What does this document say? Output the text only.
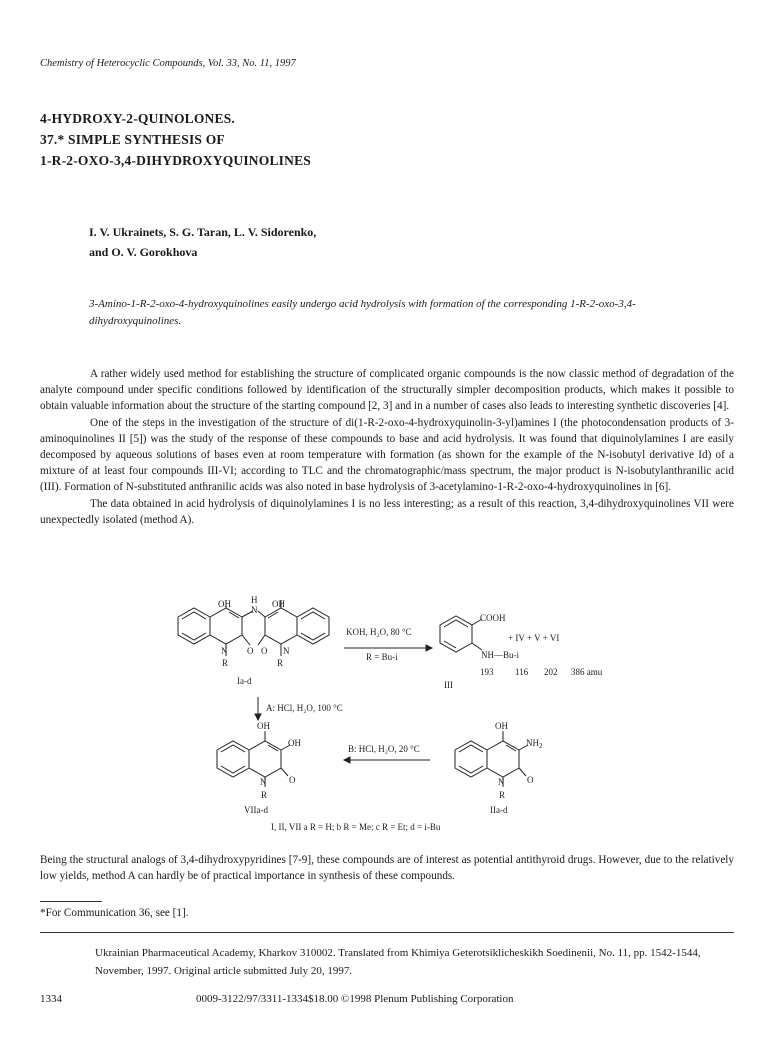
Chemistry of Heterocyclic Compounds, Vol. 33, No. 11, 1997
4-HYDROXY-2-QUINOLONES.
37.* SIMPLE SYNTHESIS OF
1-R-2-OXO-3,4-DIHYDROXYQUINOLINES
I. V. Ukrainets, S. G. Taran, L. V. Sidorenko,
and O. V. Gorokhova
3-Amino-1-R-2-oxo-4-hydroxyquinolines easily undergo acid hydrolysis with formation of the corresponding 1-R-2-oxo-3,4-dihydroxyquinolines.

A rather widely used method for establishing the structure of complicated organic compounds is the now classic method of degradation of the analyte compound under specific conditions followed by identification of the structurally simpler decomposition products, which makes it possible to obtain valuable information about the structure of the starting compound [2, 3] and in a number of cases also leads to interesting synthetic discoveries [4].

One of the steps in the investigation of the structure of di(1-R-2-oxo-4-hydroxyquinolin-3-yl)amines I (the photocondensation products of 3-aminoquinolines II [5]) was the study of the response of these compounds to base and acid hydrolysis. It was found that diquinolylamines I are easily decomposed by aqueous solutions of bases even at room temperature with formation (as shown for the example of the N-isobutyl derivative Id) of a mixture of at least four compounds III-VI; according to TLC and the chromatographic/mass spectrum, the major product is N-isobutylanthranilic acid (III). Formation of N-substituted anthranilic acids was also noted in base hydrolysis of 3-acetylamino-1-R-2-oxo-4-hydroxyquinolines in [6].

The data obtained in acid hydrolysis of diquinolylamines I is no less interesting; as a result of this reaction, 3,4-dihydroxyquinolines VII were unexpectedly isolated (method A).

OH	OH
H
N
N O O N
R	R
Ia-d
KOH, H₂O, 80 °C
R = Bu-i
COOH
+ IV + V + VI
NH—Bu-i
193 116 202 386 amu
III
A: HCl, H₂O, 100 °C
OH
OH
N	O
R
VIIa-d
B: HCl, H₂O, 20 °C
OH
$NH_2$
N	O
R
IIa-d
I, II, VII a R = H; b R = Me; c R = Et; d = i-Bu

Being the structural analogs of 3,4-dihydroxypyridines [7-9], these compounds are of interest as potential antithyroid drugs. However, due to the relatively low yields, method A can hardly be of practical importance in synthesis of these compounds.

*For Communication 36, see [1].
Ukrainian Pharmaceutical Academy, Kharkov 310002. Translated from Khimiya Geterotsiklicheskikh Soedinenii, No. 11, pp. 1542-1544, November, 1997. Original article submitted July 20, 1997.
1334	0009-3122/97/3311-1334$18.00 ©1998 Plenum Publishing Corporation
